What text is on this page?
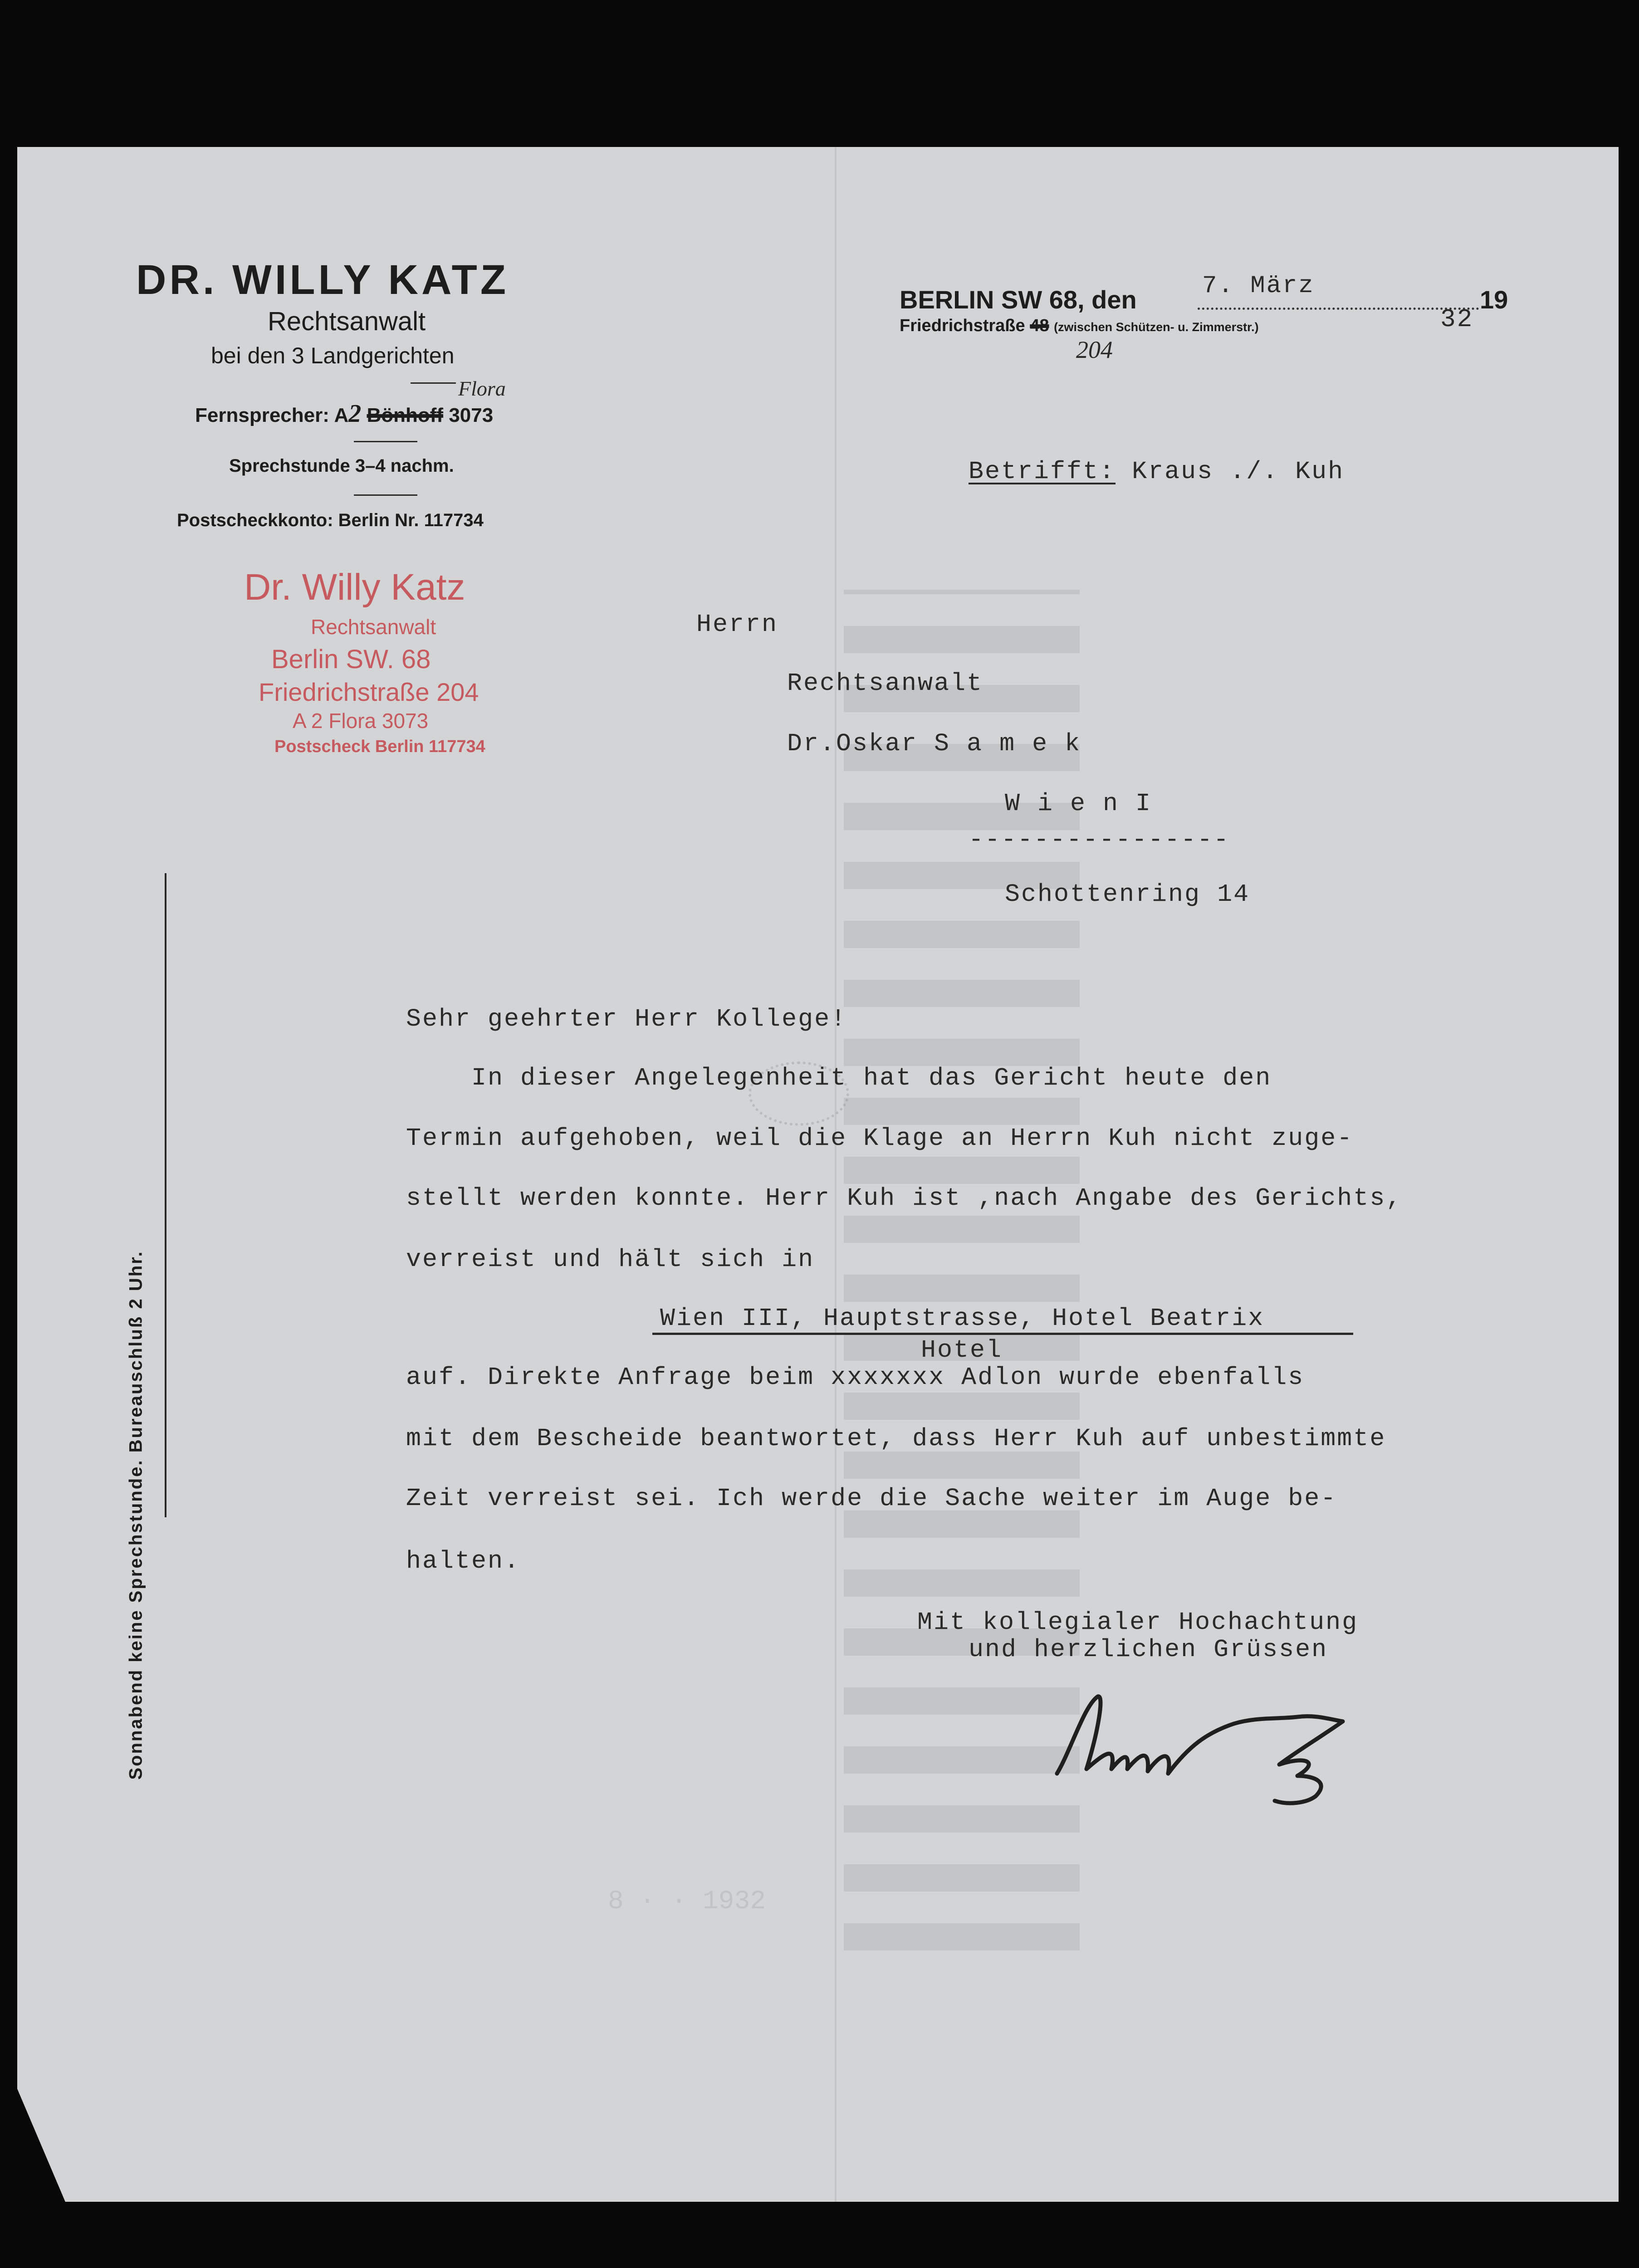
8 · · 1932
DR. WILLY KATZ
Rechtsanwalt
bei den 3 Landgerichten
Flora
Fernsprecher: A2 Bönhoff 3073
Sprechstunde 3–4 nachm.
Postscheckkonto: Berlin Nr. 117734
Dr. Willy Katz
Rechtsanwalt
Berlin SW. 68
Friedrichstraße 204
A 2 Flora 3073
Postscheck Berlin 117734
Sonnabend keine Sprechstunde. Bureauschluß 2 Uhr.
BERLIN SW 68, den	7. März	19
32
Friedrichstraße 48 (zwischen Schützen- u. Zimmerstr.)
204
Betrifft: Kraus ./. Kuh
Herrn
Rechtsanwalt
Dr.Oskar S a m e k
W i e n I
----------------
Schottenring 14
Sehr geehrter Herr Kollege!
In dieser Angelegenheit hat das Gericht heute den
Termin aufgehoben, weil die Klage an Herrn Kuh nicht zuge-
stellt werden konnte. Herr Kuh ist ,nach Angabe des Gerichts,
verreist und hält sich in
Wien III, Hauptstrasse, Hotel Beatrix
Hotel
auf. Direkte Anfrage beim xxxxxxx Adlon wurde ebenfalls
mit dem Bescheide beantwortet, dass Herr Kuh auf unbestimmte
Zeit verreist sei. Ich werde die Sache weiter im Auge be-
halten.
Mit kollegialer Hochachtung
und herzlichen Grüssen
